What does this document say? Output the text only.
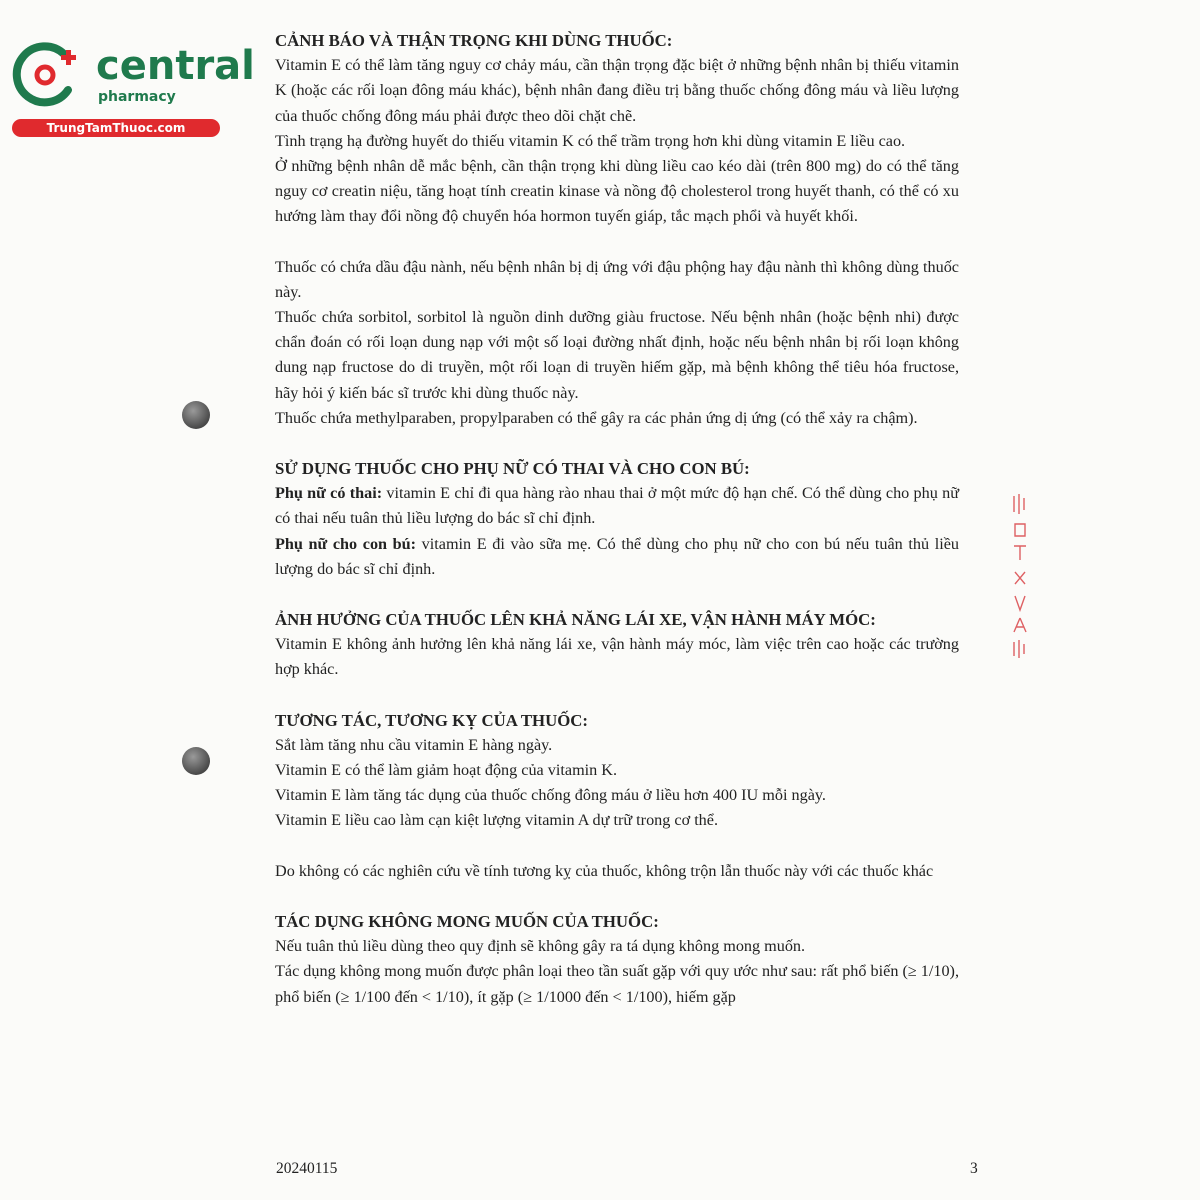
central
pharmacy
TrungTamThuoc.com
CẢNH BÁO VÀ THẬN TRỌNG KHI DÙNG THUỐC:

Vitamin E có thể làm tăng nguy cơ chảy máu, cần thận trọng đặc biệt ở những bệnh nhân bị thiếu vitamin K (hoặc các rối loạn đông máu khác), bệnh nhân đang điều trị bằng thuốc chống đông máu và liều lượng của thuốc chống đông máu phải được theo dõi chặt chẽ.

Tình trạng hạ đường huyết do thiếu vitamin K có thể trầm trọng hơn khi dùng vitamin E liều cao.

Ở những bệnh nhân dễ mắc bệnh, cần thận trọng khi dùng liều cao kéo dài (trên 800 mg) do có thể tăng nguy cơ creatin niệu, tăng hoạt tính creatin kinase và nồng độ cholesterol trong huyết thanh, có thể có xu hướng làm thay đổi nồng độ chuyển hóa hormon tuyến giáp, tắc mạch phổi và huyết khối.

Thuốc có chứa dầu đậu nành, nếu bệnh nhân bị dị ứng với đậu phộng hay đậu nành thì không dùng thuốc này.

Thuốc chứa sorbitol, sorbitol là nguồn dinh dưỡng giàu fructose. Nếu bệnh nhân (hoặc bệnh nhi) được chẩn đoán có rối loạn dung nạp với một số loại đường nhất định, hoặc nếu bệnh nhân bị rối loạn không dung nạp fructose do di truyền, một rối loạn di truyền hiếm gặp, mà bệnh không thể tiêu hóa fructose, hãy hỏi ý kiến bác sĩ trước khi dùng thuốc này.

Thuốc chứa methylparaben, propylparaben có thể gây ra các phản ứng dị ứng (có thể xảy ra chậm).

SỬ DỤNG THUỐC CHO PHỤ NỮ CÓ THAI VÀ CHO CON BÚ:

Phụ nữ có thai: vitamin E chỉ đi qua hàng rào nhau thai ở một mức độ hạn chế. Có thể dùng cho phụ nữ có thai nếu tuân thủ liều lượng do bác sĩ chỉ định.

Phụ nữ cho con bú: vitamin E đi vào sữa mẹ. Có thể dùng cho phụ nữ cho con bú nếu tuân thủ liều lượng do bác sĩ chỉ định.

ẢNH HƯỞNG CỦA THUỐC LÊN KHẢ NĂNG LÁI XE, VẬN HÀNH MÁY MÓC:

Vitamin E không ảnh hưởng lên khả năng lái xe, vận hành máy móc, làm việc trên cao hoặc các trường hợp khác.

TƯƠNG TÁC, TƯƠNG KỴ CỦA THUỐC:

Sắt làm tăng nhu cầu vitamin E hàng ngày.

Vitamin E có thể làm giảm hoạt động của vitamin K.

Vitamin E làm tăng tác dụng của thuốc chống đông máu ở liều hơn 400 IU mỗi ngày.

Vitamin E liều cao làm cạn kiệt lượng vitamin A dự trữ trong cơ thể.

Do không có các nghiên cứu về tính tương kỵ của thuốc, không trộn lẫn thuốc này với các thuốc khác

TÁC DỤNG KHÔNG MONG MUỐN CỦA THUỐC:

Nếu tuân thủ liều dùng theo quy định sẽ không gây ra tá dụng không mong muốn.

Tác dụng không mong muốn được phân loại theo tần suất gặp với quy ước như sau: rất phổ biến (≥ 1/10), phổ biến (≥ 1/100 đến < 1/10), ít gặp (≥ 1/1000 đến < 1/100), hiếm gặp

20240115	3
